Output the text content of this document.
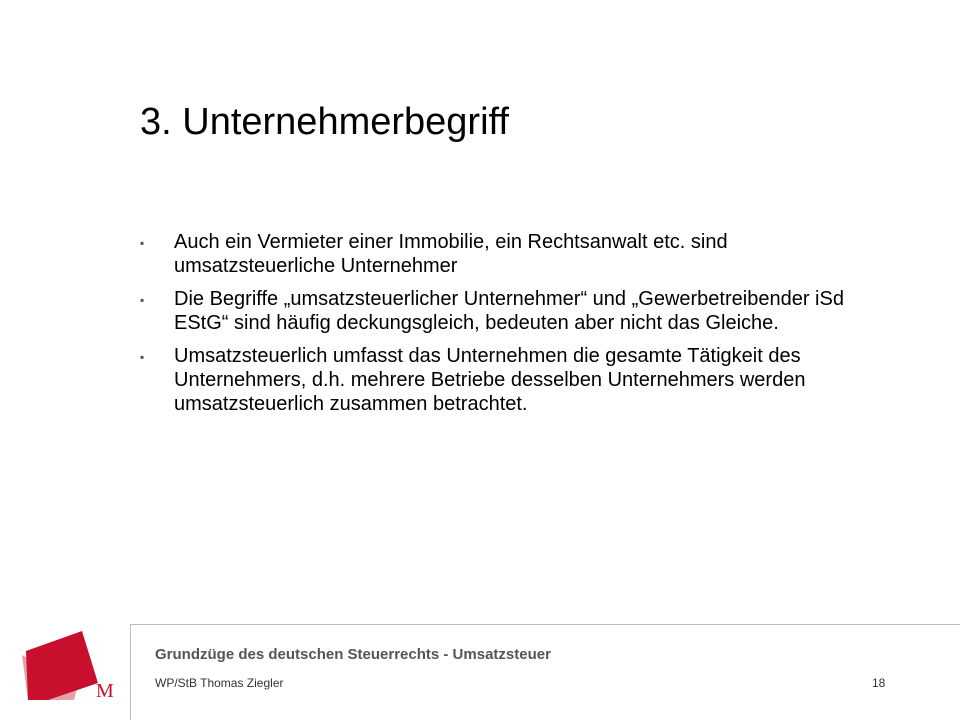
3. Unternehmerbegriff
▪ Auch ein Vermieter einer Immobilie, ein Rechtsanwalt etc. sind umsatzsteuerliche Unternehmer
▪ Die Begriffe „umsatzsteuerlicher Unternehmer“ und „Gewerbetreibender iSd EStG“ sind häufig deckungsgleich, bedeuten aber nicht das Gleiche.
▪ Umsatzsteuerlich umfasst das Unternehmen die gesamte Tätigkeit des Unternehmers, d.h. mehrere Betriebe desselben Unternehmers werden umsatzsteuerlich zusammen betrachtet.
Grundzüge des deutschen Steuerrechts - Umsatzsteuer
WP/StB Thomas Ziegler	18
M
